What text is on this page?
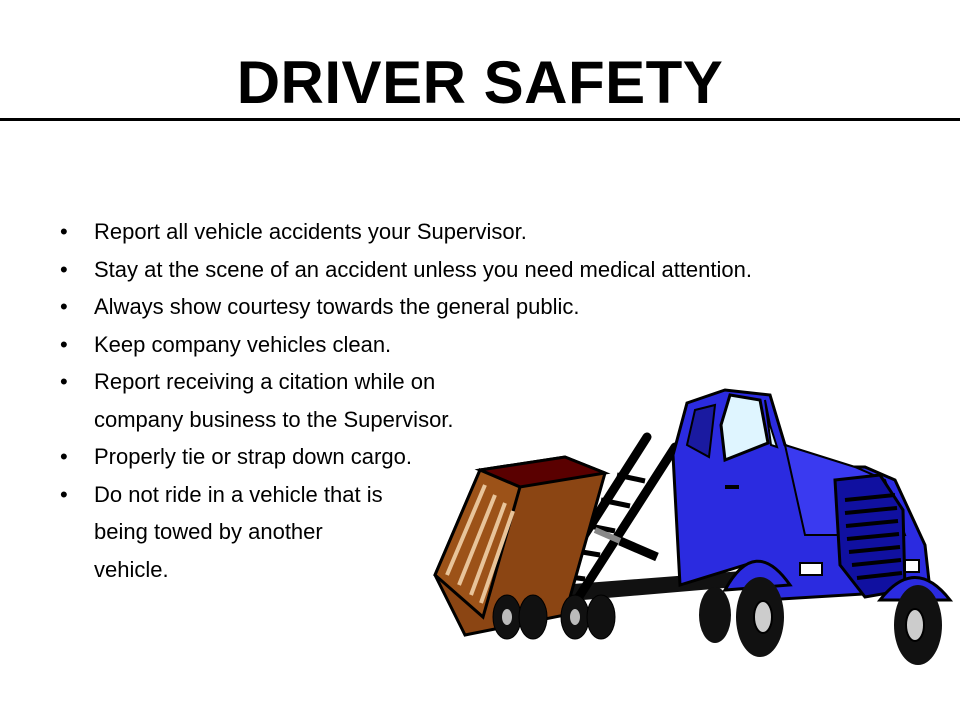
DRIVER SAFETY
• Report all vehicle accidents your Supervisor.
• Stay at the scene of an accident unless you need medical attention.
• Always show courtesy towards the general public.
• Keep company vehicles clean.
• Report receiving a citation while on
company business to the Supervisor.
• Properly tie or strap down cargo.
• Do not ride in a vehicle that is
being towed by another
vehicle.
